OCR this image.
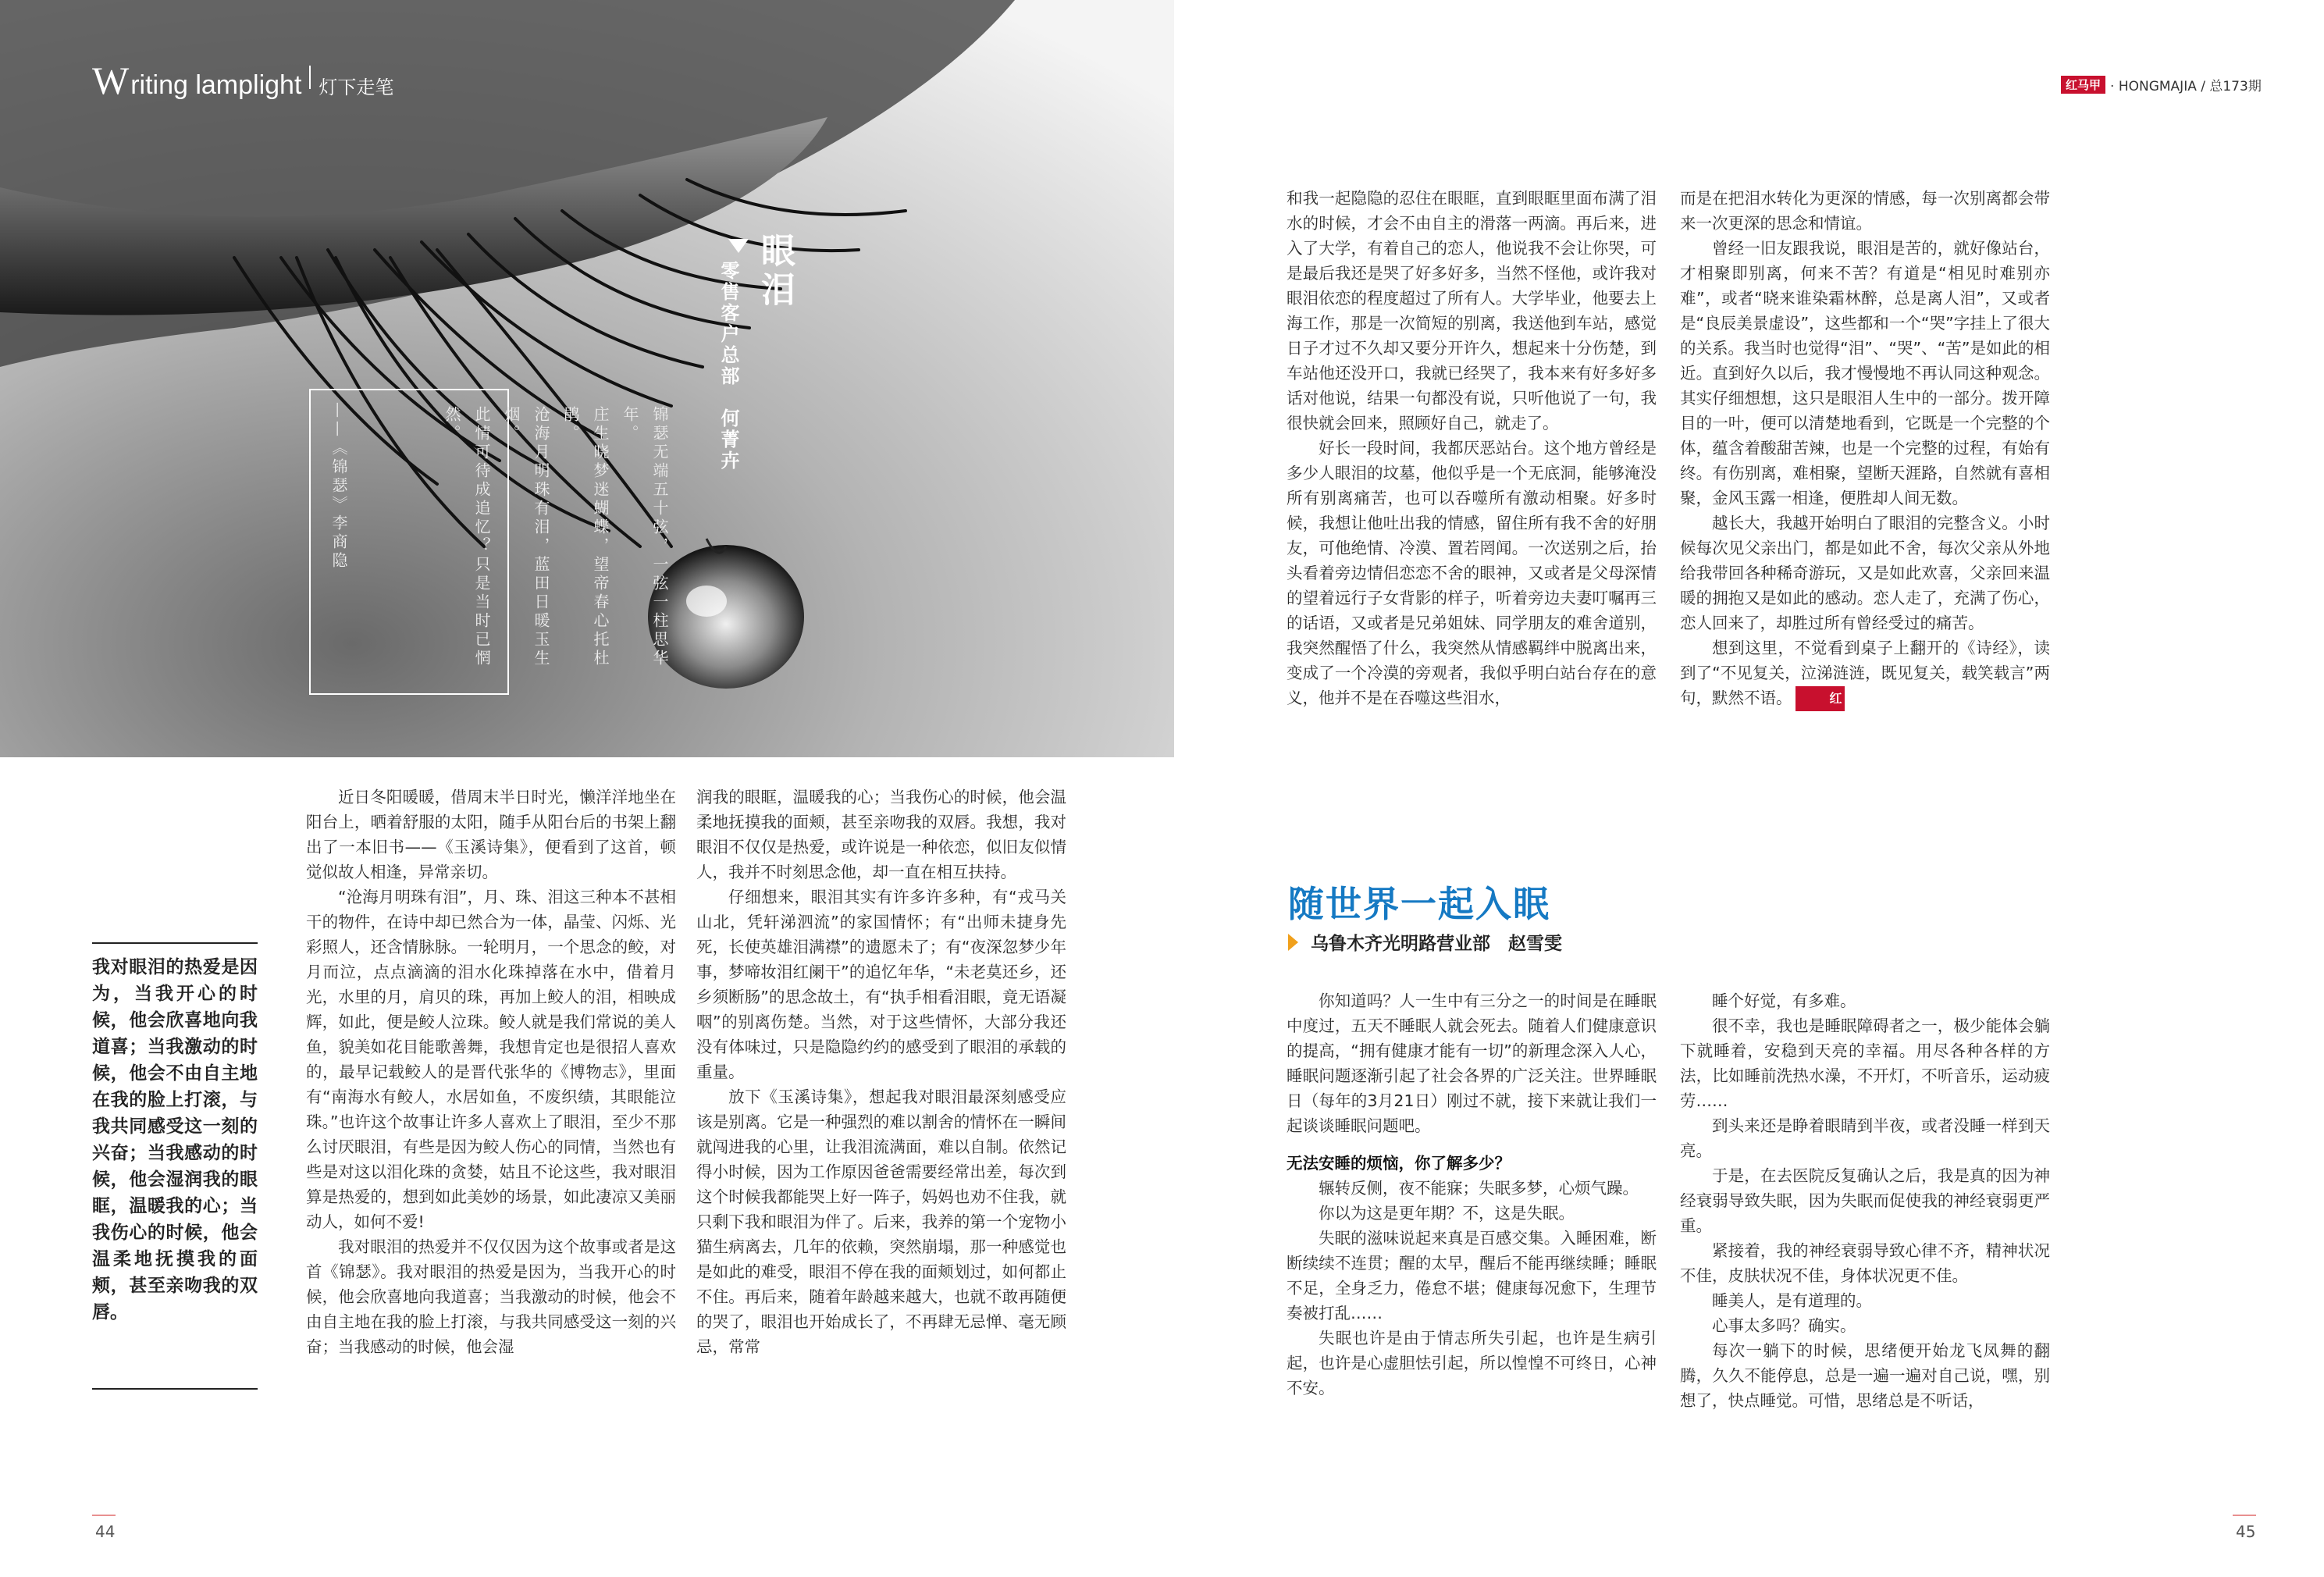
W riting lamplight 灯下走笔	红马甲 · HONGMAJIA / 总173期
眼泪
零售客户总部　何菁卉
锦瑟无端五十弦，一弦一柱思华年。
庄生晓梦迷蝴蝶，望帝春心托杜鹃。
沧海月明珠有泪，蓝田日暖玉生烟。
此情可待成追忆？只是当时已惘然。
——《锦瑟》李商隐
我对眼泪的热爱是因为，当我开心的时候，他会欣喜地向我道喜；当我激动的时候，他会不由自主地在我的脸上打滚，与我共同感受这一刻的兴奋；当我感动的时候，他会湿润我的眼眶，温暖我的心；当我伤心的时候，他会温柔地抚摸我的面颊，甚至亲吻我的双唇。

近日冬阳暖暖，借周末半日时光，懒洋洋地坐在阳台上，晒着舒服的太阳，随手从阳台后的书架上翻出了一本旧书——《玉溪诗集》，便看到了这首，顿觉似故人相逢，异常亲切。

“沧海月明珠有泪”，月、珠、泪这三种本不甚相干的物件，在诗中却已然合为一体，晶莹、闪烁、光彩照人，还含情脉脉。一轮明月，一个思念的鲛，对月而泣，点点滴滴的泪水化珠掉落在水中，借着月光，水里的月，肩贝的珠，再加上鲛人的泪，相映成辉，如此，便是鲛人泣珠。鲛人就是我们常说的美人鱼，貌美如花目能歌善舞，我想肯定也是很招人喜欢的，最早记载鲛人的是晋代张华的《博物志》，里面有“南海水有鲛人，水居如鱼，不废织绩，其眼能泣珠。”也许这个故事让许多人喜欢上了眼泪，至少不那么讨厌眼泪，有些是因为鲛人伤心的同情，当然也有些是对这以泪化珠的贪婪，姑且不论这些，我对眼泪算是热爱的，想到如此美妙的场景，如此凄凉又美丽动人，如何不爱!

我对眼泪的热爱并不仅仅因为这个故事或者是这首《锦瑟》。我对眼泪的热爱是因为，当我开心的时候，他会欣喜地向我道喜；当我激动的时候，他会不由自主地在我的脸上打滚，与我共同感受这一刻的兴奋；当我感动的时候，他会湿

润我的眼眶，温暖我的心；当我伤心的时候，他会温柔地抚摸我的面颊，甚至亲吻我的双唇。我想，我对眼泪不仅仅是热爱，或许说是一种依恋，似旧友似情人，我并不时刻思念他，却一直在相互扶持。

仔细想来，眼泪其实有许多许多种，有“戎马关山北，凭轩涕泗流”的家国情怀；有“出师未捷身先死，长使英雄泪满襟”的遗愿未了；有“夜深忽梦少年事，梦啼妆泪红阑干”的追忆年华，“未老莫还乡，还乡须断肠”的思念故土，有“执手相看泪眼，竟无语凝咽”的别离伤楚。当然，对于这些情怀，大部分我还没有体味过，只是隐隐约约的感受到了眼泪的承载的重量。

放下《玉溪诗集》，想起我对眼泪最深刻感受应该是别离。它是一种强烈的难以割舍的情怀在一瞬间就闯进我的心里，让我泪流满面，难以自制。依然记得小时候，因为工作原因爸爸需要经常出差，每次到这个时候我都能哭上好一阵子，妈妈也劝不住我，就只剩下我和眼泪为伴了。后来，我养的第一个宠物小猫生病离去，几年的依赖，突然崩塌，那一种感觉也是如此的难受，眼泪不停在我的面颊划过，如何都止不住。再后来，随着年龄越来越大，也就不敢再随便的哭了，眼泪也开始成长了，不再肆无忌惮、毫无顾忌，常常

和我一起隐隐的忍住在眼眶，直到眼眶里面布满了泪水的时候，才会不由自主的滑落一两滴。再后来，进入了大学，有着自己的恋人，他说我不会让你哭，可是最后我还是哭了好多好多，当然不怪他，或许我对眼泪依恋的程度超过了所有人。大学毕业，他要去上海工作，那是一次简短的别离，我送他到车站，感觉日子才过不久却又要分开许久，想起来十分伤楚，到车站他还没开口，我就已经哭了，我本来有好多好多话对他说，结果一句都没有说，只听他说了一句，我很快就会回来，照顾好自己，就走了。

好长一段时间，我都厌恶站台。这个地方曾经是多少人眼泪的坟墓，他似乎是一个无底洞，能够淹没所有别离痛苦，也可以吞噬所有激动相聚。好多时候，我想让他吐出我的情感，留住所有我不舍的好朋友，可他绝情、冷漠、置若罔闻。一次送别之后，抬头看着旁边情侣恋恋不舍的眼神，又或者是父母深情的望着远行子女背影的样子，听着旁边夫妻叮嘱再三的话语，又或者是兄弟姐妹、同学朋友的难舍道别，我突然醒悟了什么，我突然从情感羁绊中脱离出来，变成了一个冷漠的旁观者，我似乎明白站台存在的意义，他并不是在吞噬这些泪水，

而是在把泪水转化为更深的情感，每一次别离都会带来一次更深的思念和情谊。

曾经一旧友跟我说，眼泪是苦的，就好像站台，才相聚即别离，何来不苦？有道是“相见时难别亦难”，或者“晓来谁染霜林醉，总是离人泪”，又或者是“良辰美景虚设”，这些都和一个“哭”字挂上了很大的关系。我当时也觉得“泪”、“哭”、“苦”是如此的相近。直到好久以后，我才慢慢地不再认同这种观念。其实仔细想想，这只是眼泪人生中的一部分。拨开障目的一叶，便可以清楚地看到，它既是一个完整的个体，蕴含着酸甜苦辣，也是一个完整的过程，有始有终。有伤别离，难相聚，望断天涯路，自然就有喜相聚，金风玉露一相逢，便胜却人间无数。

越长大，我越开始明白了眼泪的完整含义。小时候每次见父亲出门，都是如此不舍，每次父亲从外地给我带回各种稀奇游玩，又是如此欢喜，父亲回来温暖的拥抱又是如此的感动。恋人走了，充满了伤心，恋人回来了，却胜过所有曾经受过的痛苦。

想到这里，不觉看到桌子上翻开的《诗经》，读到了“不见复关，泣涕涟涟，既见复关，载笑载言”两句，默然不语。	红

随世界一起入眠
乌鲁木齐光明路营业部　赵雪雯

你知道吗？人一生中有三分之一的时间是在睡眠中度过，五天不睡眠人就会死去。随着人们健康意识的提高，“拥有健康才能有一切”的新理念深入人心，睡眠问题逐渐引起了社会各界的广泛关注。世界睡眠日（每年的3月21日）刚过不就，接下来就让我们一起谈谈睡眠问题吧。

无法安睡的烦恼，你了解多少？

辗转反侧，夜不能寐；失眠多梦，心烦气躁。

你以为这是更年期？不，这是失眠。

失眠的滋味说起来真是百感交集。入睡困难，断断续续不连贯；醒的太早，醒后不能再继续睡；睡眠不足，全身乏力，倦怠不堪；健康每况愈下，生理节奏被打乱……

失眠也许是由于情志所失引起，也许是生病引起，也许是心虚胆怯引起，所以惶惶不可终日，心神不安。

睡个好觉，有多难。

很不幸，我也是睡眠障碍者之一，极少能体会躺下就睡着，安稳到天亮的幸福。用尽各种各样的方法，比如睡前洗热水澡，不开灯，不听音乐，运动疲劳……

到头来还是睁着眼睛到半夜，或者没睡一样到天亮。

于是，在去医院反复确认之后，我是真的因为神经衰弱导致失眠，因为失眠而促使我的神经衰弱更严重。

紧接着，我的神经衰弱导致心律不齐，精神状况不佳，皮肤状况不佳，身体状况更不佳。

睡美人，是有道理的。

心事太多吗？确实。

每次一躺下的时候，思绪便开始龙飞凤舞的翻腾，久久不能停息，总是一遍一遍对自己说，嘿，别想了，快点睡觉。可惜，思绪总是不听话，

44	45
